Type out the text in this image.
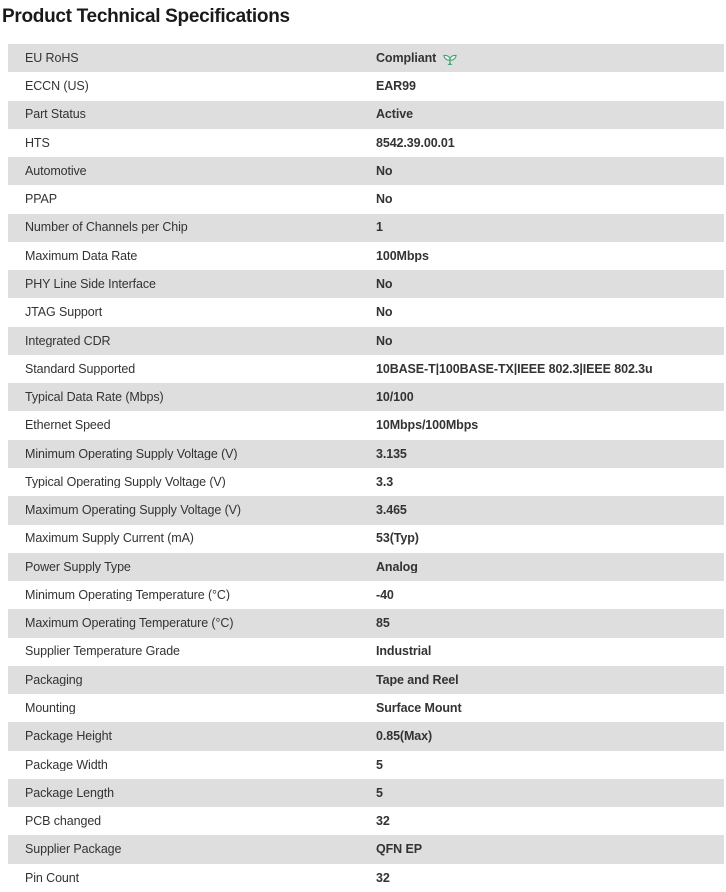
Product Technical Specifications
EU RoHS	Compliant
ECCN (US)	EAR99
Part Status	Active
HTS	8542.39.00.01
Automotive	No
PPAP	No
Number of Channels per Chip	1
Maximum Data Rate	100Mbps
PHY Line Side Interface	No
JTAG Support	No
Integrated CDR	No
Standard Supported	10BASE-T|100BASE-TX|IEEE 802.3|IEEE 802.3u
Typical Data Rate (Mbps)	10/100
Ethernet Speed	10Mbps/100Mbps
Minimum Operating Supply Voltage (V)	3.135
Typical Operating Supply Voltage (V)	3.3
Maximum Operating Supply Voltage (V)	3.465
Maximum Supply Current (mA)	53(Typ)
Power Supply Type	Analog
Minimum Operating Temperature (°C)	-40
Maximum Operating Temperature (°C)	85
Supplier Temperature Grade	Industrial
Packaging	Tape and Reel
Mounting	Surface Mount
Package Height	0.85(Max)
Package Width	5
Package Length	5
PCB changed	32
Supplier Package	QFN EP
Pin Count	32
